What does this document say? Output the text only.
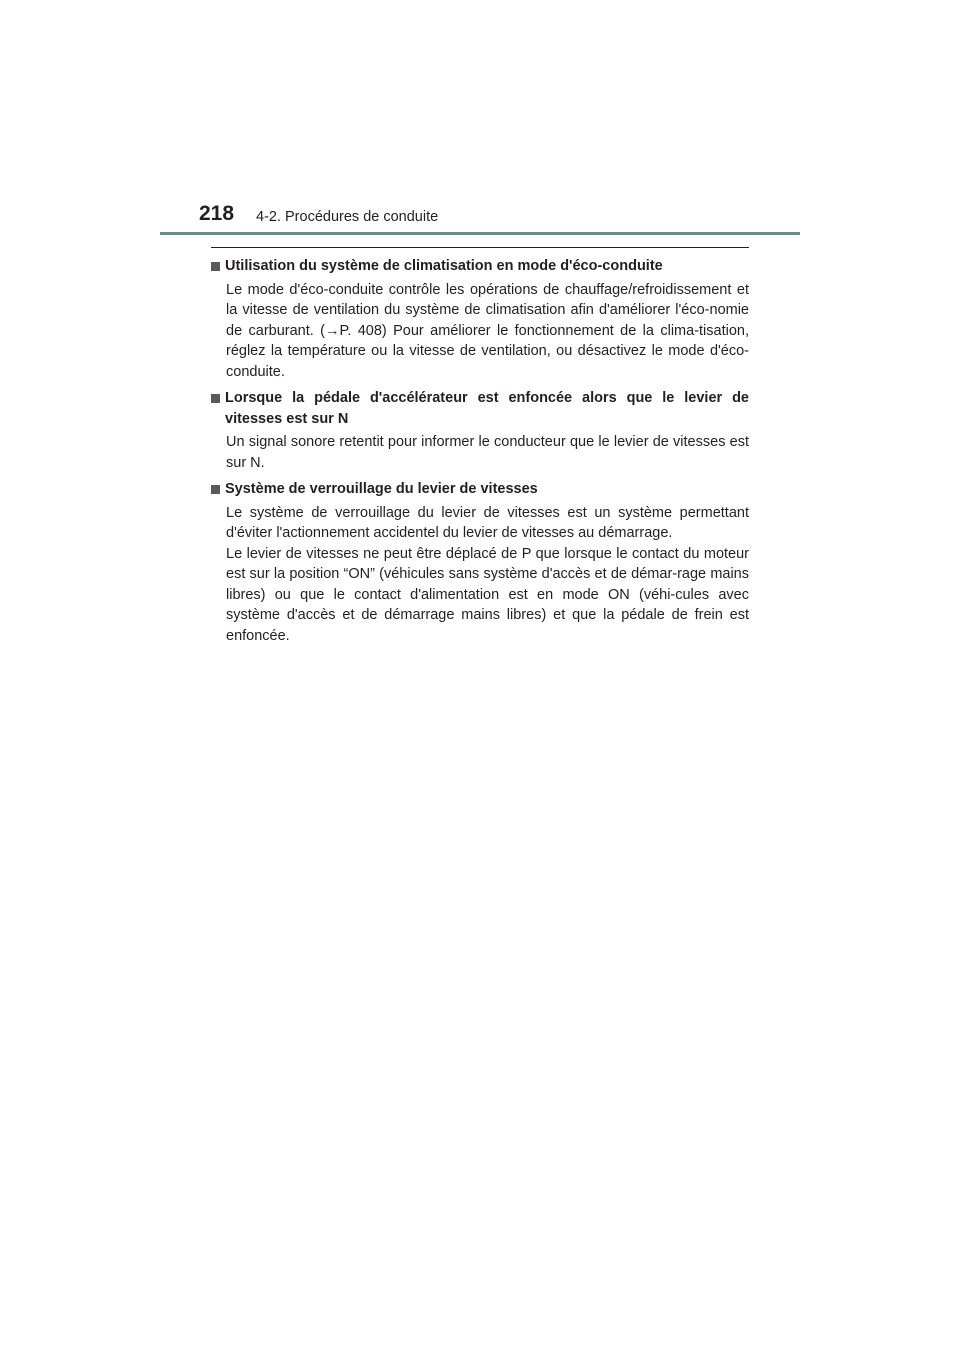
218 4-2. Procédures de conduite
Utilisation du système de climatisation en mode d'éco-conduite

Le mode d'éco-conduite contrôle les opérations de chauffage/refroidissement et la vitesse de ventilation du système de climatisation afin d'améliorer l'éco-nomie de carburant. (→P. 408) Pour améliorer le fonctionnement de la clima-tisation, réglez la température ou la vitesse de ventilation, ou désactivez le mode d'éco-conduite.

Lorsque la pédale d'accélérateur est enfoncée alors que le levier de vitesses est sur N

Un signal sonore retentit pour informer le conducteur que le levier de vitesses est sur N.

Système de verrouillage du levier de vitesses

Le système de verrouillage du levier de vitesses est un système permettant d'éviter l'actionnement accidentel du levier de vitesses au démarrage.

Le levier de vitesses ne peut être déplacé de P que lorsque le contact du moteur est sur la position “ON” (véhicules sans système d'accès et de démar-rage mains libres) ou que le contact d'alimentation est en mode ON (véhi-cules avec système d'accès et de démarrage mains libres) et que la pédale de frein est enfoncée.
